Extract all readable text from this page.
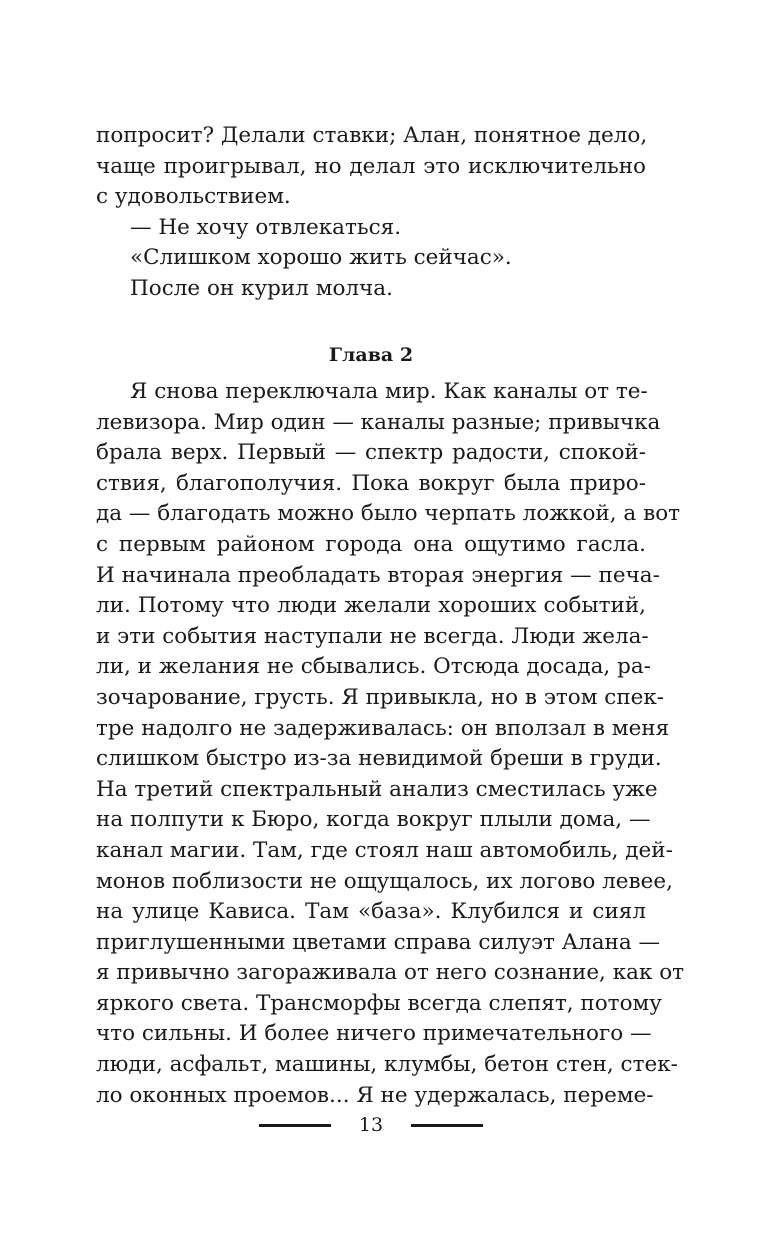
попросит? Делали ставки; Алан, понятное дело,
чаще проигрывал, но делал это исключительно
с удовольствием.
— Не хочу отвлекаться.
«Слишком хорошо жить сейчас».
После он курил молча.
Глава 2
Я снова переключала мир. Как каналы от те-
левизора. Мир один — каналы разные; привычка
брала верх. Первый — спектр радости, спокой-
ствия, благополучия. Пока вокруг была приро-
да — благодать можно было черпать ложкой, а вот
с первым районом города она ощутимо гасла.
И начинала преобладать вторая энергия — печа-
ли. Потому что люди желали хороших событий,
и эти события наступали не всегда. Люди жела-
ли, и желания не сбывались. Отсюда досада, ра-
зочарование, грусть. Я привыкла, но в этом спек-
тре надолго не задерживалась: он вползал в меня
слишком быстро из-за невидимой бреши в груди.
На третий спектральный анализ сместилась уже
на полпути к Бюро, когда вокруг плыли дома, —
канал магии. Там, где стоял наш автомобиль, дей-
монов поблизости не ощущалось, их логово левее,
на улице Кависа. Там «база». Клубился и сиял
приглушенными цветами справа силуэт Алана —
я привычно загораживала от него сознание, как от
яркого света. Трансморфы всегда слепят, потому
что сильны. И более ничего примечательного —
люди, асфальт, машины, клумбы, бетон стен, стек-
ло оконных проемов... Я не удержалась, переме-
13
